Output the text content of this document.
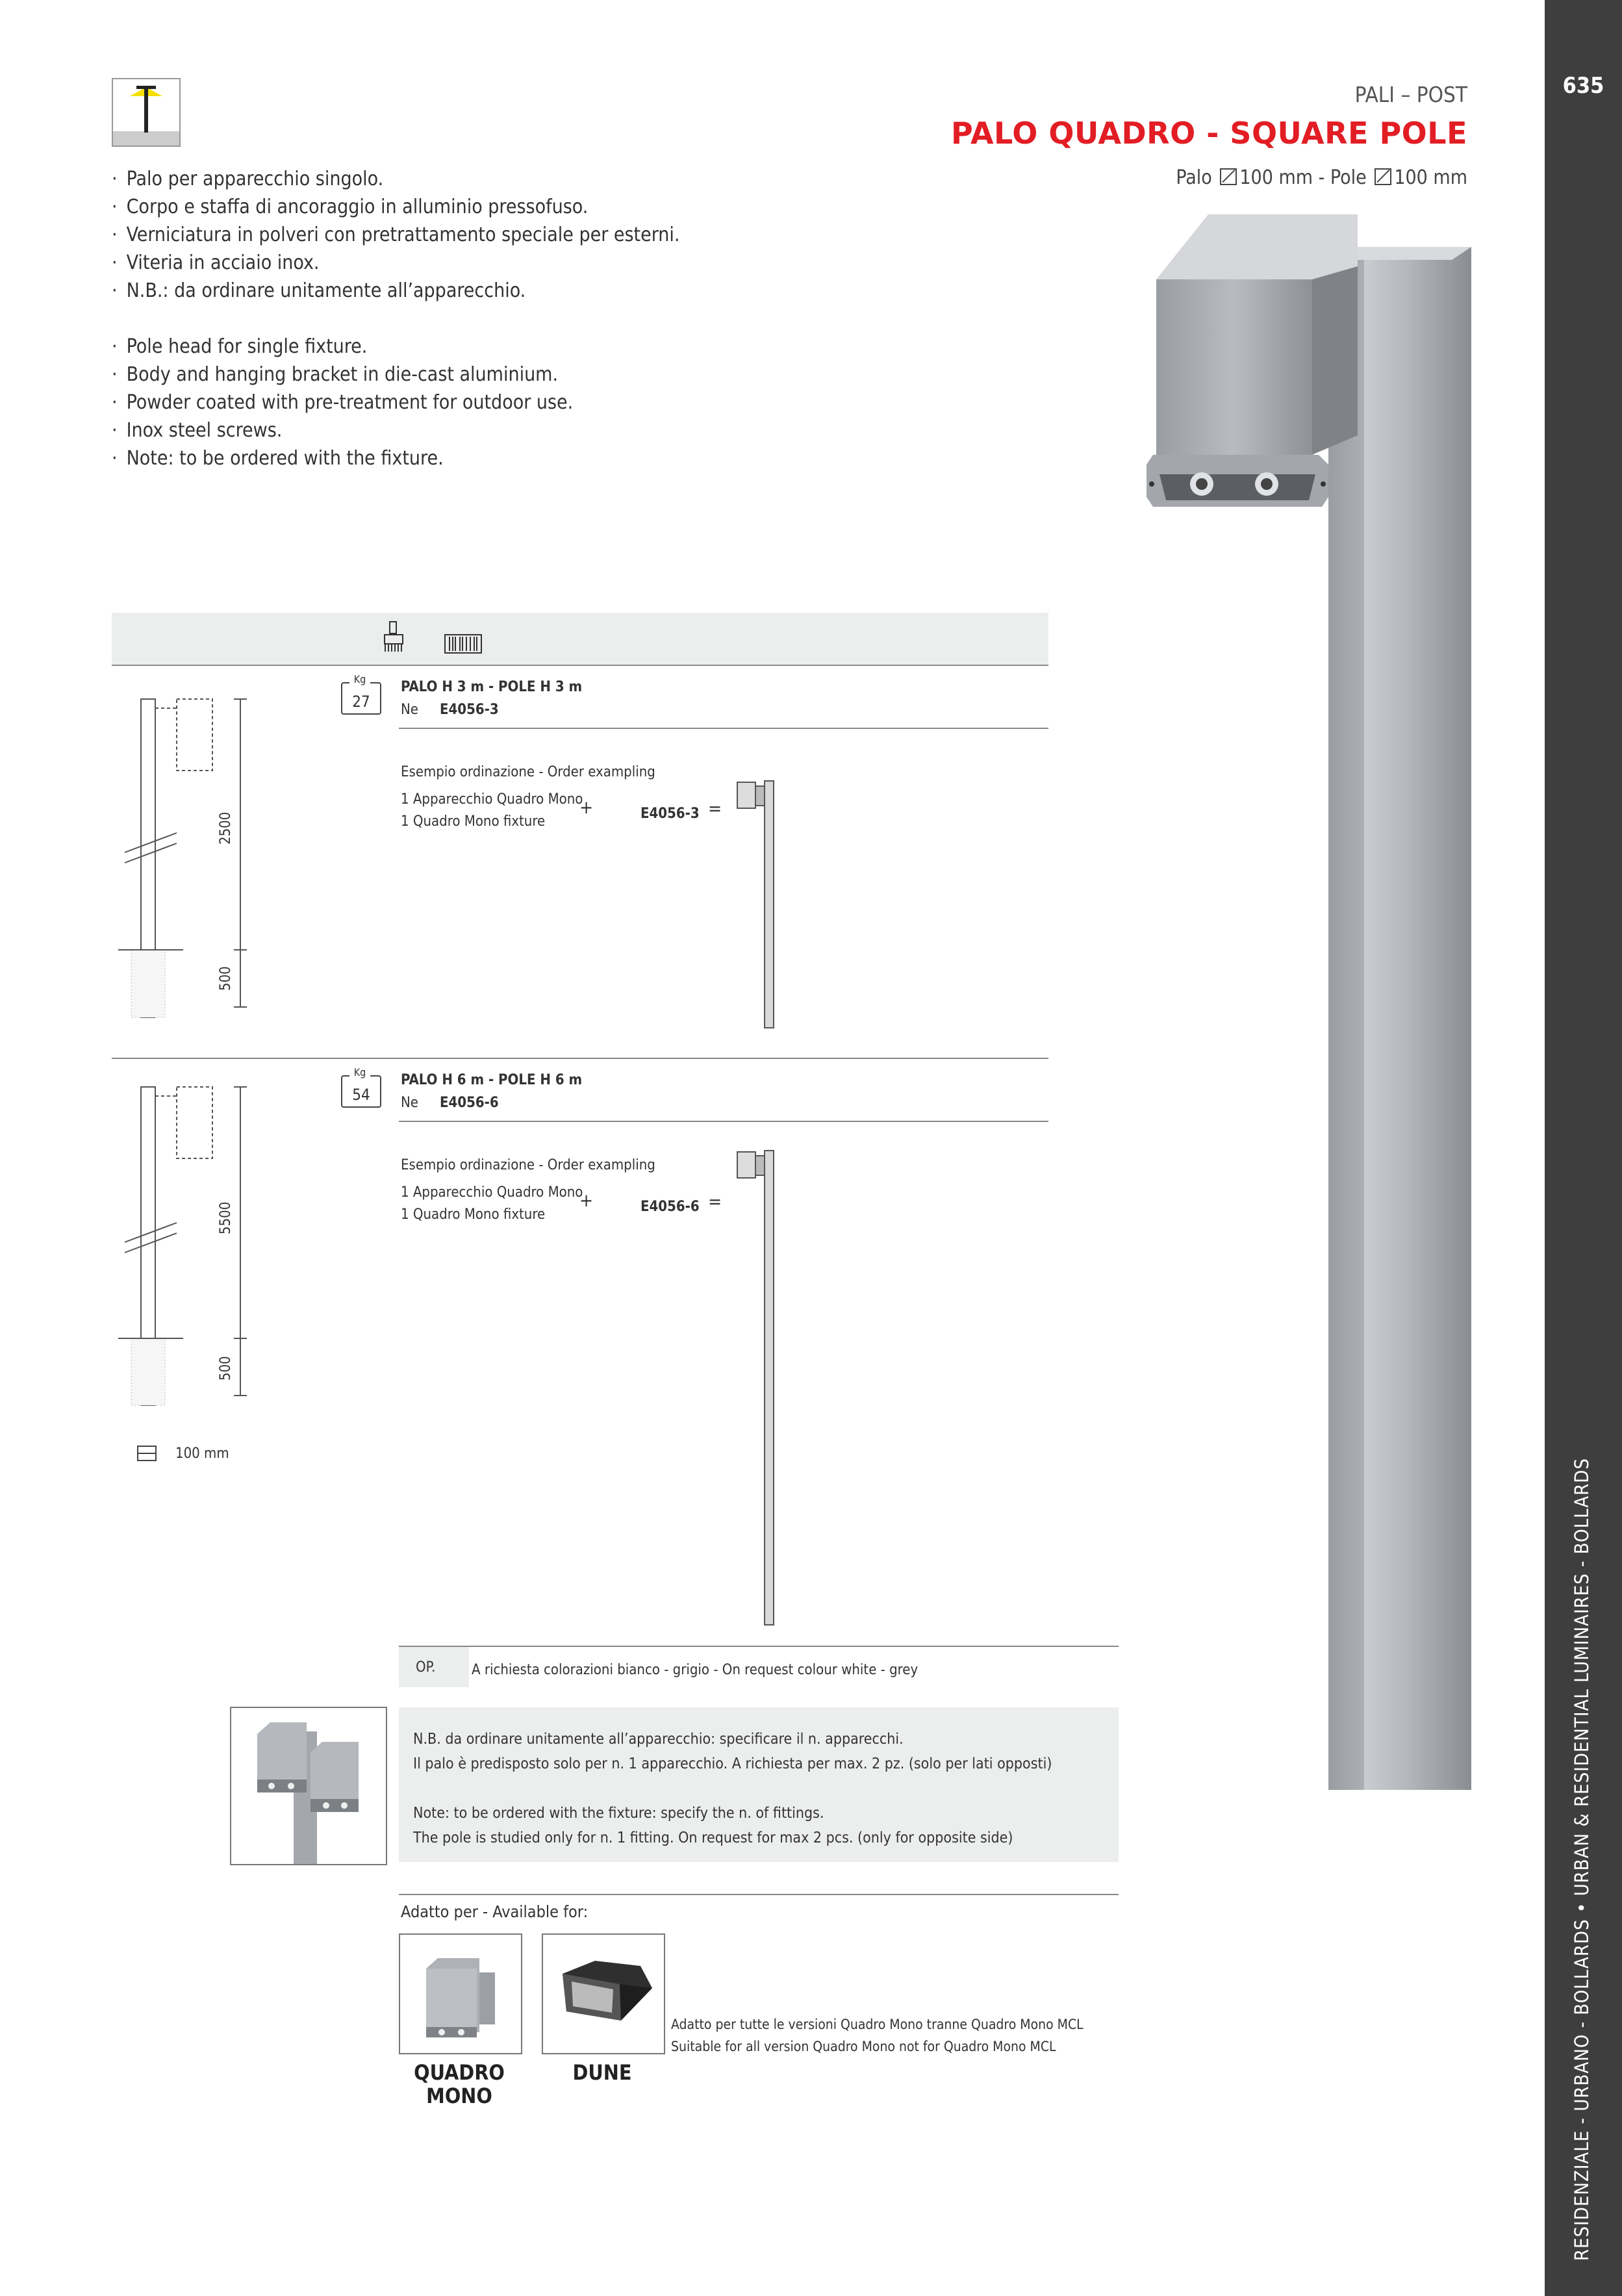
635
RESIDENZIALE - URBANO - BOLLARDS • URBAN & RESIDENTIAL LUMINAIRES - BOLLARDS
PALI – POST
PALO QUADRO - SQUARE POLE
Palo 100 mm - Pole 100 mm
· Palo per apparecchio singolo.
· Corpo e staffa di ancoraggio in alluminio pressofuso.
· Verniciatura in polveri con pretrattamento speciale per esterni.
· Viteria in acciaio inox.
· N.B.: da ordinare unitamente all’apparecchio.
· Pole head for single fixture.
· Body and hanging bracket in die-cast aluminium.
· Powder coated with pre-treatment for outdoor use.
· Inox steel screws.
· Note: to be ordered with the fixture.
Kg
27
PALO H 3 m - POLE H 3 m
Ne E4056-3
Esempio ordinazione - Order exampling
1 Apparecchio Quadro Mono
1 Quadro Mono fixture
+	E4056-3 =
2500
500
Kg
54
PALO H 6 m - POLE H 6 m
Ne E4056-6
Esempio ordinazione - Order exampling
1 Apparecchio Quadro Mono
1 Quadro Mono fixture
+	E4056-6 =
5500
500
100 mm
OP.	A richiesta colorazioni bianco - grigio - On request colour white - grey
N.B. da ordinare unitamente all’apparecchio: specificare il n. apparecchi.
Il palo è predisposto solo per n. 1 apparecchio. A richiesta per max. 2 pz. (solo per lati opposti)
Note: to be ordered with the fixture: specify the n. of fittings.
The pole is studied only for n. 1 fitting. On request for max 2 pcs. (only for opposite side)
Adatto per - Available for:
QUADRO
MONO
DUNE
Adatto per tutte le versioni Quadro Mono tranne Quadro Mono MCL
Suitable for all version Quadro Mono not for Quadro Mono MCL
